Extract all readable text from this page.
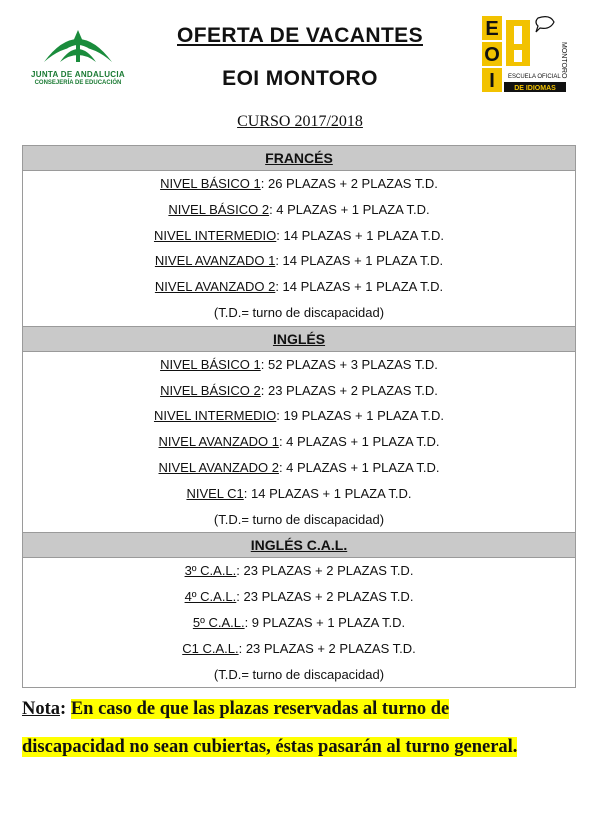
JUNTA DE ANDALUCIA
CONSEJERÍA DE EDUCACIÓN
E
O
I ESCUELA OFICIAL
DE IDIOMAS
MONTORO
OFERTA DE VACANTES
EOI MONTORO
CURSO 2017/2018
FRANCÉS
NIVEL BÁSICO 1: 26 PLAZAS + 2 PLAZAS T.D.
NIVEL BÁSICO 2: 4 PLAZAS + 1 PLAZA T.D.
NIVEL INTERMEDIO: 14 PLAZAS + 1 PLAZA T.D.
NIVEL AVANZADO 1: 14 PLAZAS + 1 PLAZA T.D.
NIVEL AVANZADO 2: 14 PLAZAS + 1 PLAZA T.D.
(T.D.= turno de discapacidad)
INGLÉS
NIVEL BÁSICO 1: 52 PLAZAS + 3 PLAZAS T.D.
NIVEL BÁSICO 2: 23 PLAZAS + 2 PLAZAS T.D.
NIVEL INTERMEDIO: 19 PLAZAS + 1 PLAZA T.D.
NIVEL AVANZADO 1: 4 PLAZAS + 1 PLAZA T.D.
NIVEL AVANZADO 2: 4 PLAZAS + 1 PLAZA T.D.
NIVEL C1: 14 PLAZAS + 1 PLAZA T.D.
(T.D.= turno de discapacidad)
INGLÉS C.A.L.
3º C.A.L.: 23 PLAZAS + 2 PLAZAS T.D.
4º C.A.L.: 23 PLAZAS + 2 PLAZAS T.D.
5º C.A.L.: 9 PLAZAS + 1 PLAZA T.D.
C1 C.A.L.: 23 PLAZAS + 2 PLAZAS T.D.
(T.D.= turno de discapacidad)
Nota: En caso de que las plazas reservadas al turno de
discapacidad no sean cubiertas, éstas pasarán al turno general.
